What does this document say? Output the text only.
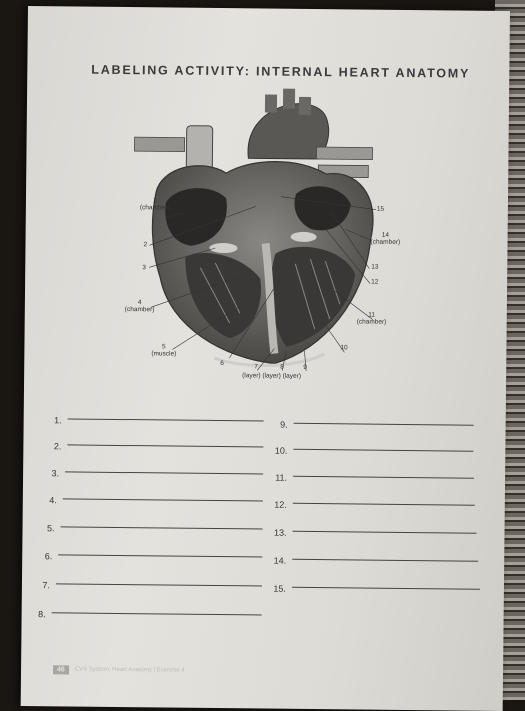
LABELING ACTIVITY: INTERNAL HEART ANATOMY
1
(chamber)
2
3
4
(chamber)
5
(muscle)
6	7	8	9
(layer) (layer) (layer)
10
11
(chamber)
12
13
14
(chamber)
15
1.
2.
3.
4.
5.
6.
7.
8.
9.
10.
11.
12.
13.
14.
15.
46	CVS System: Heart Anatomy | Exercise 4
